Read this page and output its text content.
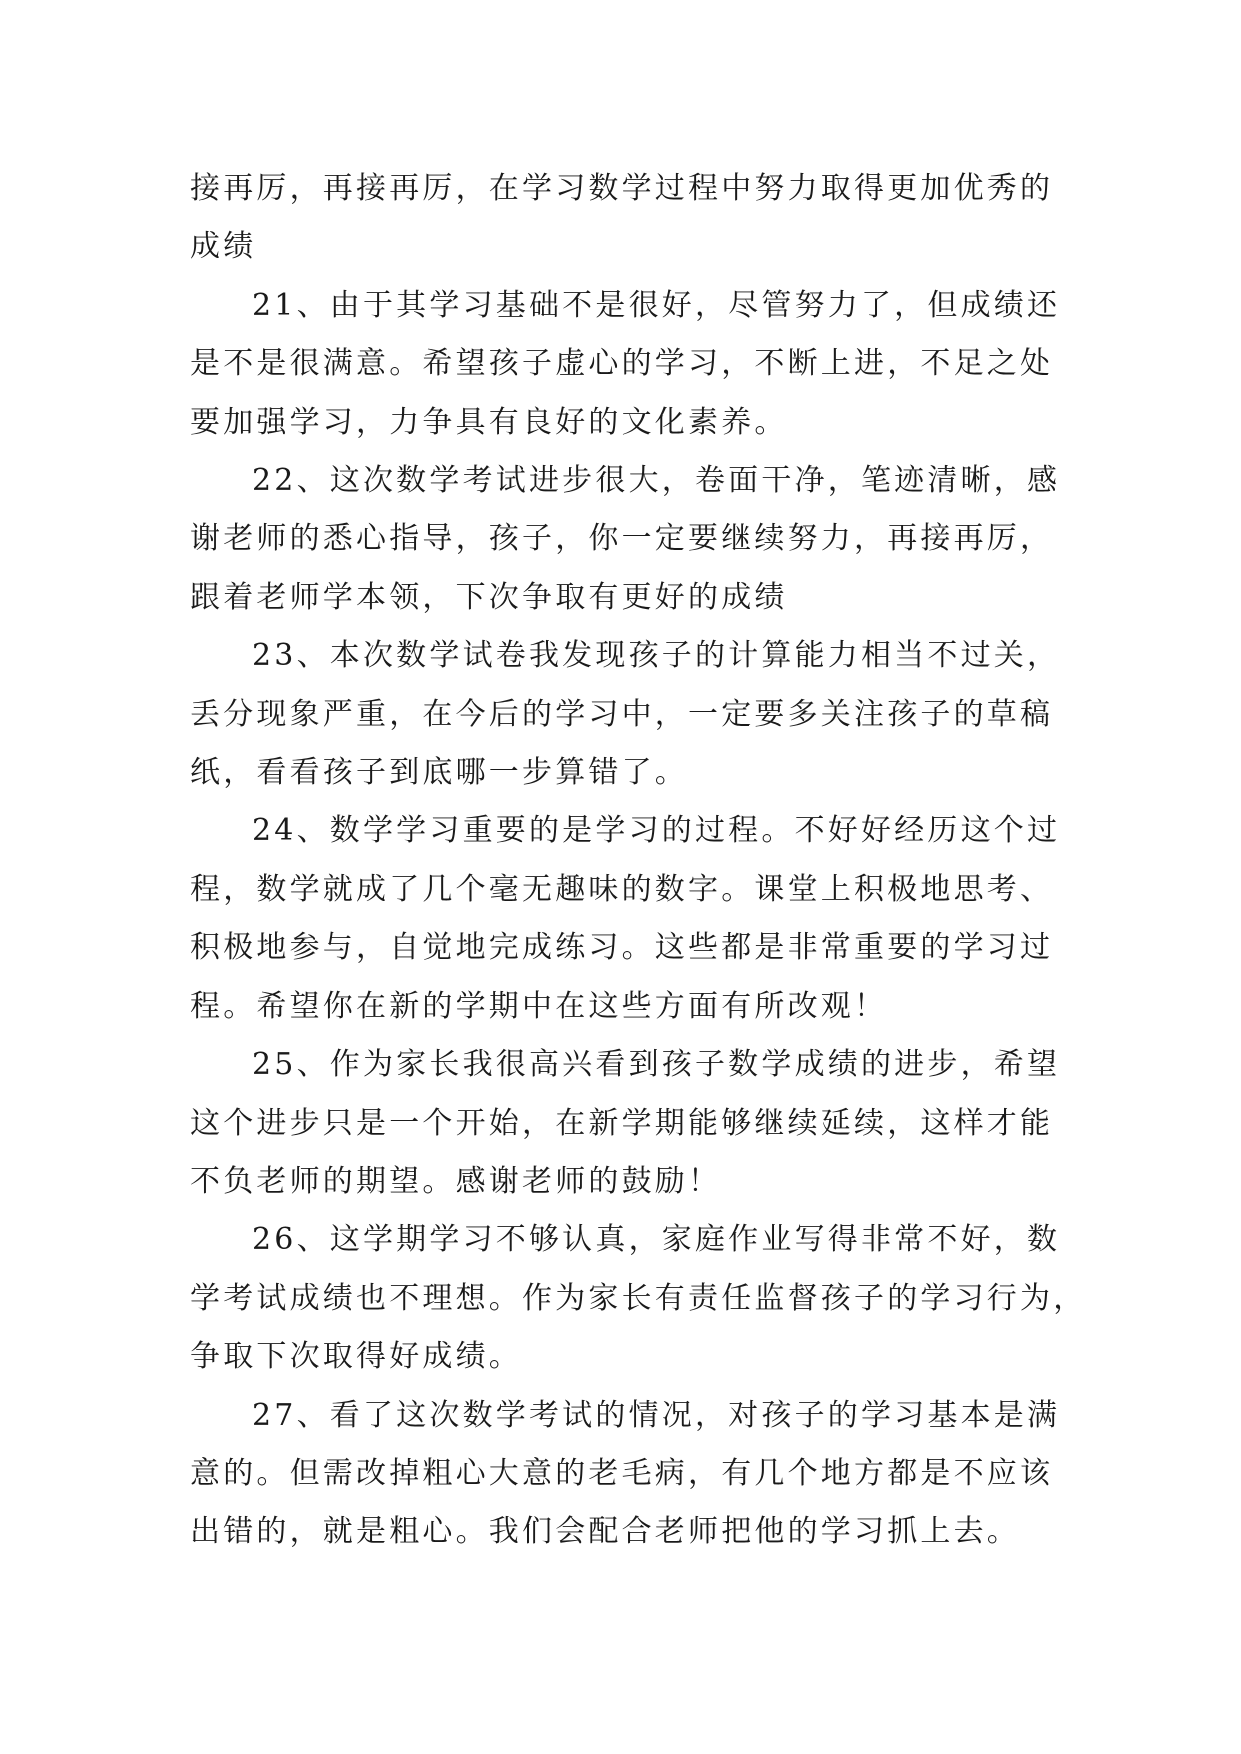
接再厉，再接再厉，在学习数学过程中努力取得更加优秀的
成绩

21、由于其学习基础不是很好，尽管努力了，但成绩还
是不是很满意。希望孩子虚心的学习，不断上进，不足之处
要加强学习，力争具有良好的文化素养。

22、这次数学考试进步很大，卷面干净，笔迹清晰，感
谢老师的悉心指导，孩子，你一定要继续努力，再接再厉，
跟着老师学本领，下次争取有更好的成绩

23、本次数学试卷我发现孩子的计算能力相当不过关，
丢分现象严重，在今后的学习中，一定要多关注孩子的草稿
纸，看看孩子到底哪一步算错了。

24、数学学习重要的是学习的过程。不好好经历这个过
程，数学就成了几个毫无趣味的数字。课堂上积极地思考、
积极地参与，自觉地完成练习。这些都是非常重要的学习过
程。希望你在新的学期中在这些方面有所改观！

25、作为家长我很高兴看到孩子数学成绩的进步，希望
这个进步只是一个开始，在新学期能够继续延续，这样才能
不负老师的期望。感谢老师的鼓励！

26、这学期学习不够认真，家庭作业写得非常不好，数
学考试成绩也不理想。作为家长有责任监督孩子的学习行为，
争取下次取得好成绩。

27、看了这次数学考试的情况，对孩子的学习基本是满
意的。但需改掉粗心大意的老毛病，有几个地方都是不应该
出错的，就是粗心。我们会配合老师把他的学习抓上去。
